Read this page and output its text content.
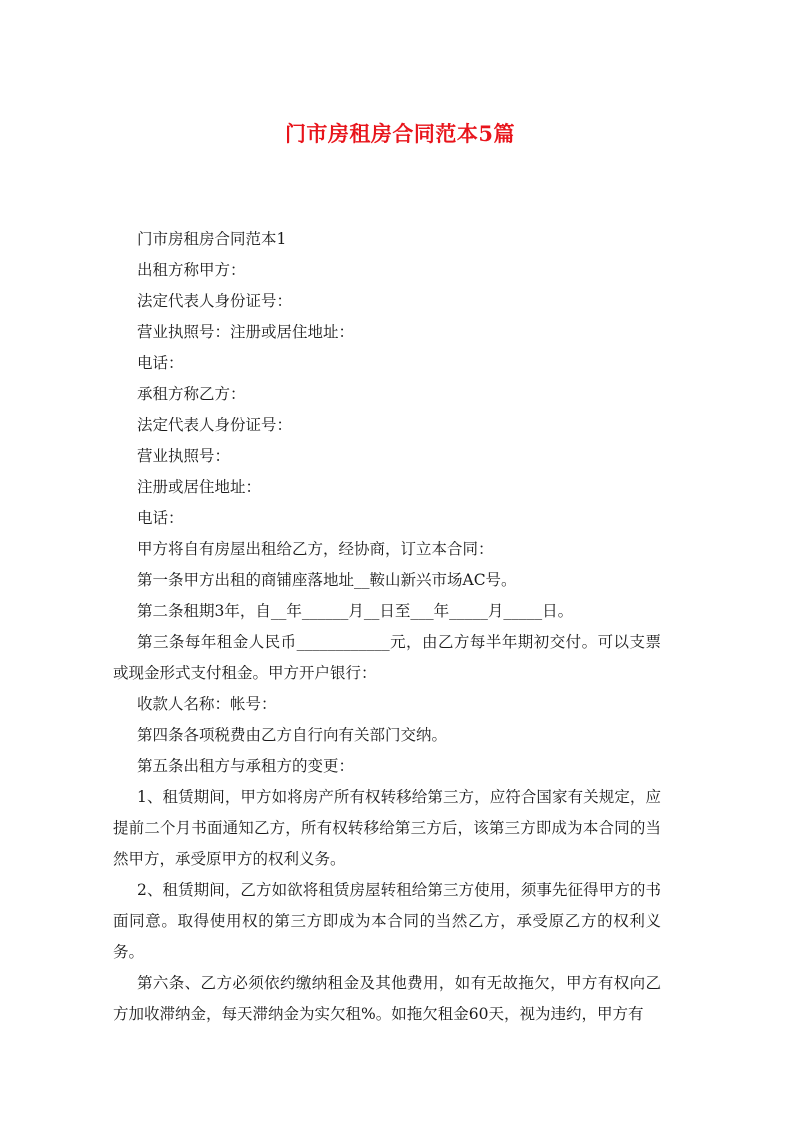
门市房租房合同范本5篇

门市房租房合同范本1

出租方称甲方：

法定代表人身份证号：

营业执照号：注册或居住地址：

电话：

承租方称乙方：

法定代表人身份证号：

营业执照号：

注册或居住地址：

电话：

甲方将自有房屋出租给乙方，经协商，订立本合同：

第一条甲方出租的商铺座落地址__鞍山新兴市场AC号。

第二条租期3年，自__年______月__日至___年_____月_____日。

第三条每年租金人民币____________元，由乙方每半年期初交付。可以支票或现金形式支付租金。甲方开户银行：

收款人名称：帐号：

第四条各项税费由乙方自行向有关部门交纳。

第五条出租方与承租方的变更：

1、租赁期间，甲方如将房产所有权转移给第三方，应符合国家有关规定，应提前二个月书面通知乙方，所有权转移给第三方后，该第三方即成为本合同的当然甲方，承受原甲方的权利义务。

2、租赁期间，乙方如欲将租赁房屋转租给第三方使用，须事先征得甲方的书面同意。取得使用权的第三方即成为本合同的当然乙方，承受原乙方的权利义务。

第六条、乙方必须依约缴纳租金及其他费用，如有无故拖欠，甲方有权向乙方加收滞纳金，每天滞纳金为实欠租%。如拖欠租金60天，视为违约，甲方有
